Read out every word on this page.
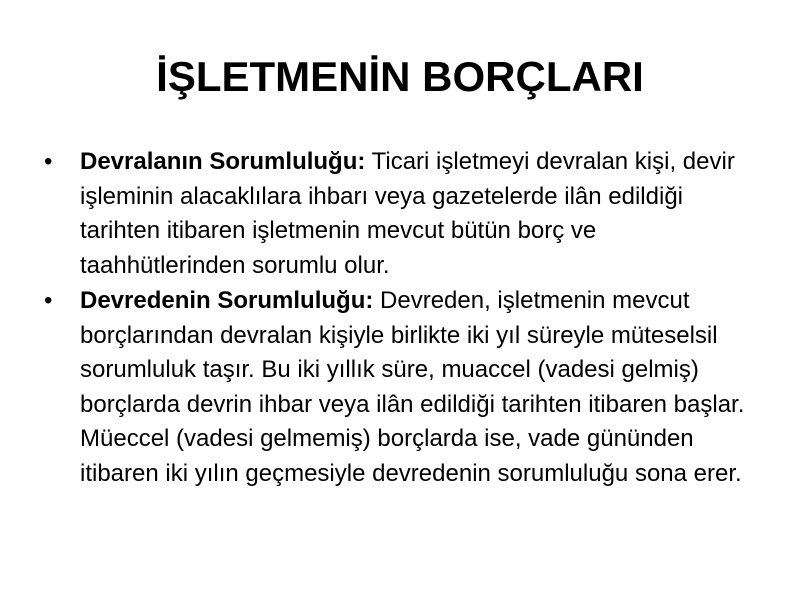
İŞLETMENİN BORÇLARI
• Devralanın Sorumluluğu: Ticari işletmeyi devralan kişi, devir işleminin alacaklılara ihbarı veya gazetelerde ilân edildiği tarihten itibaren işletmenin mevcut bütün borç ve taahhütlerinden sorumlu olur.
• Devredenin Sorumluluğu: Devreden, işletmenin mevcut borçlarından devralan kişiyle birlikte iki yıl süreyle müteselsil sorumluluk taşır. Bu iki yıllık süre, muaccel (vadesi gelmiş) borçlarda devrin ihbar veya ilân edildiği tarihten itibaren başlar. Müeccel (vadesi gelmemiş) borçlarda ise, vade gününden itibaren iki yılın geçmesiyle devredenin sorumluluğu sona erer.
